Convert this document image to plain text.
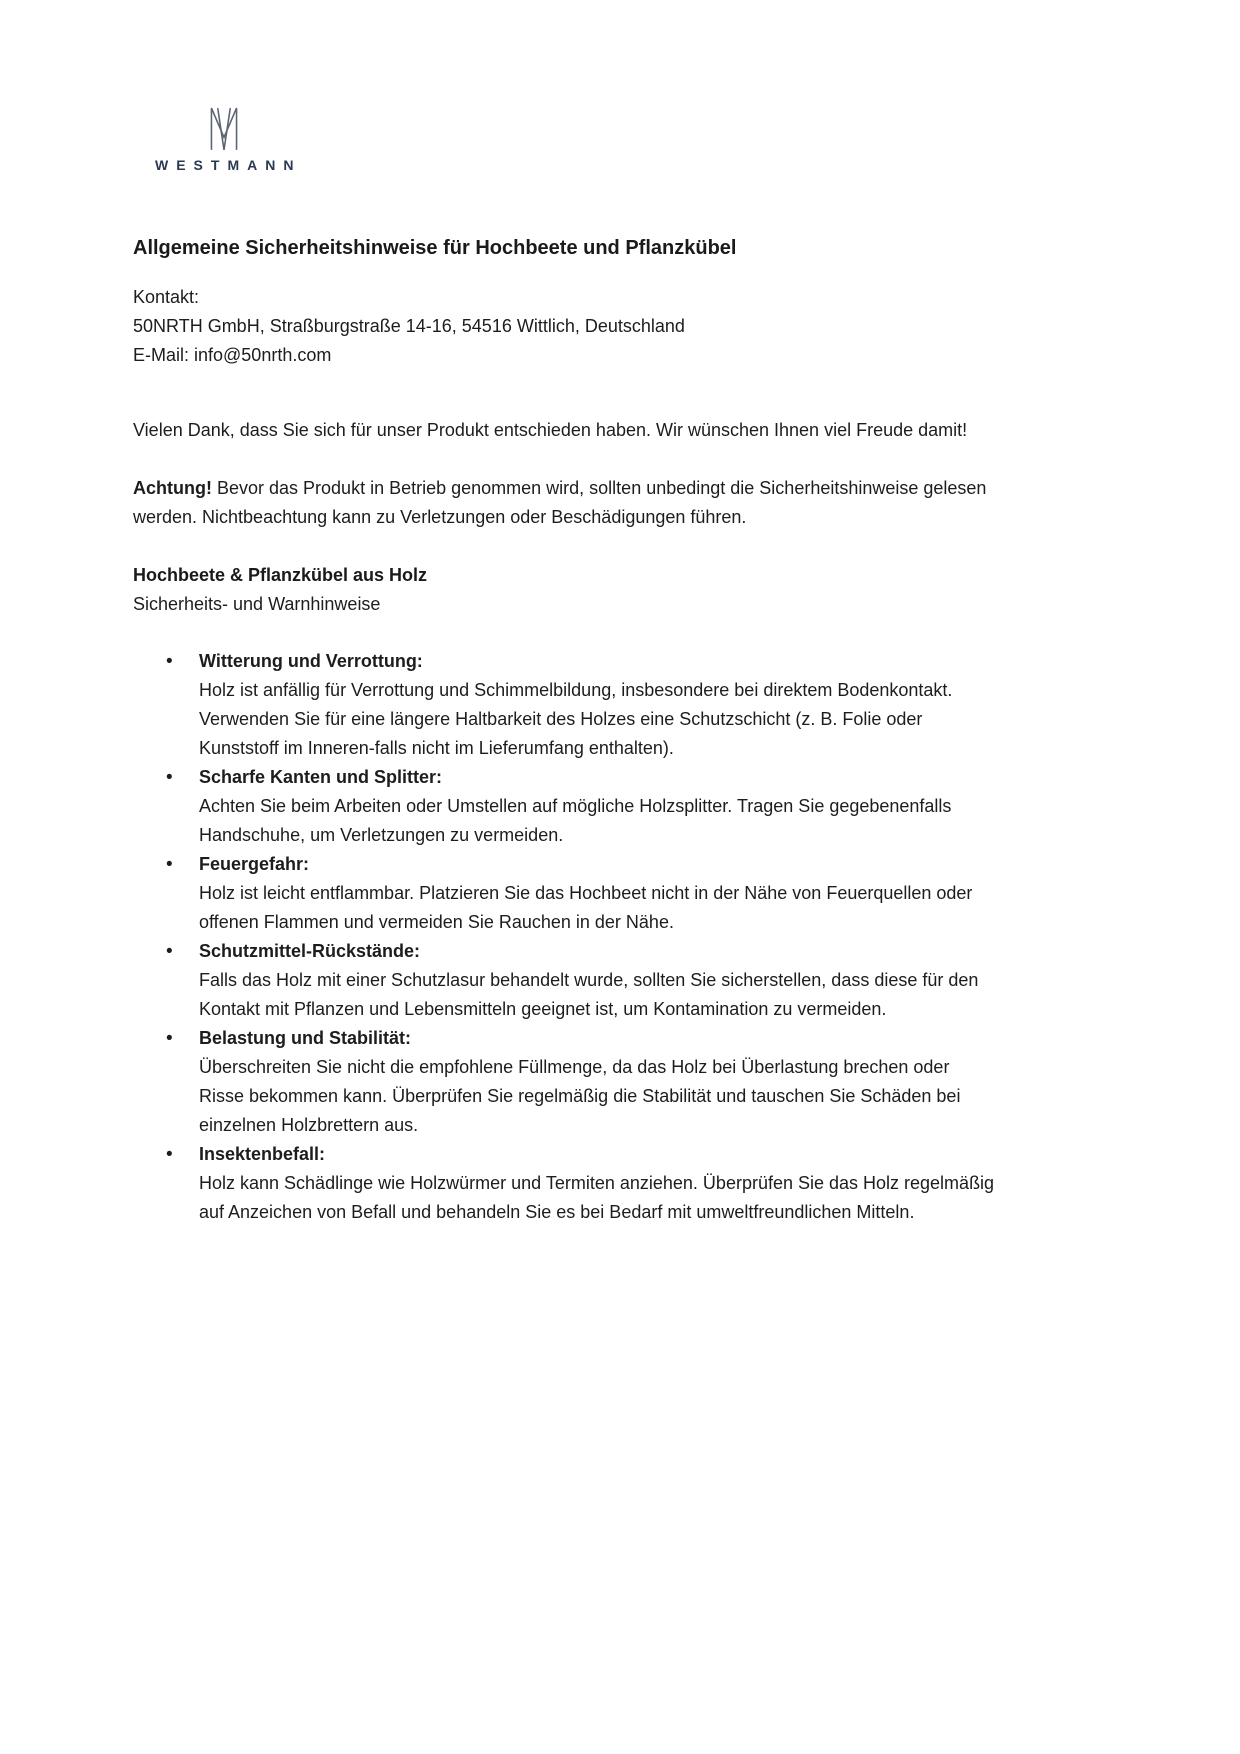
WESTMANN
Allgemeine Sicherheitshinweise für Hochbeete und Pflanzkübel
Kontakt:
50NRTH GmbH, Straßburgstraße 14-16, 54516 Wittlich, Deutschland
E-Mail: info@50nrth.com

Vielen Dank, dass Sie sich für unser Produkt entschieden haben. Wir wünschen Ihnen viel Freude damit!

Achtung! Bevor das Produkt in Betrieb genommen wird, sollten unbedingt die Sicherheitshinweise gelesen werden. Nichtbeachtung kann zu Verletzungen oder Beschädigungen führen.

Hochbeete & Pflanzkübel aus Holz
Sicherheits- und Warnhinweise
• Witterung und Verrottung:
Holz ist anfällig für Verrottung und Schimmelbildung, insbesondere bei direktem Bodenkontakt. Verwenden Sie für eine längere Haltbarkeit des Holzes eine Schutzschicht (z. B. Folie oder Kunststoff im Inneren-falls nicht im Lieferumfang enthalten).
• Scharfe Kanten und Splitter:
Achten Sie beim Arbeiten oder Umstellen auf mögliche Holzsplitter. Tragen Sie gegebenenfalls Handschuhe, um Verletzungen zu vermeiden.
• Feuergefahr:
Holz ist leicht entflammbar. Platzieren Sie das Hochbeet nicht in der Nähe von Feuerquellen oder offenen Flammen und vermeiden Sie Rauchen in der Nähe.
• Schutzmittel-Rückstände:
Falls das Holz mit einer Schutzlasur behandelt wurde, sollten Sie sicherstellen, dass diese für den Kontakt mit Pflanzen und Lebensmitteln geeignet ist, um Kontamination zu vermeiden.
• Belastung und Stabilität:
Überschreiten Sie nicht die empfohlene Füllmenge, da das Holz bei Überlastung brechen oder Risse bekommen kann. Überprüfen Sie regelmäßig die Stabilität und tauschen Sie Schäden bei einzelnen Holzbrettern aus.
• Insektenbefall:
Holz kann Schädlinge wie Holzwürmer und Termiten anziehen. Überprüfen Sie das Holz regelmäßig auf Anzeichen von Befall und behandeln Sie es bei Bedarf mit umweltfreundlichen Mitteln.
